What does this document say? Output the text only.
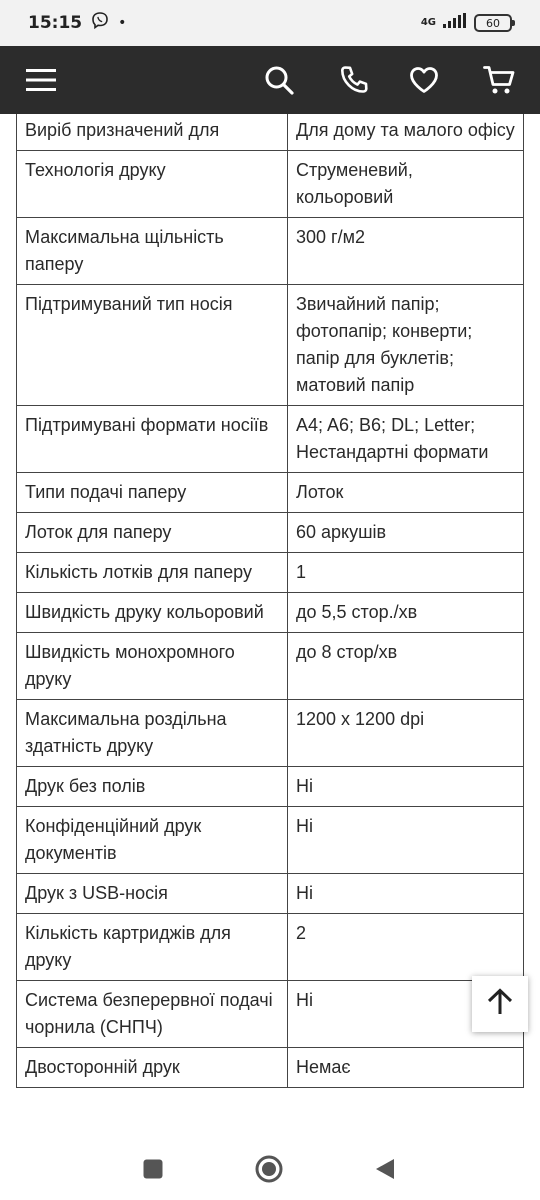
15:15	•	4G	60
Виріб призначений для	Для дому та малого офісу
Технологія друку	Струменевий, кольоровий
Максимальна щільність паперу	300 г/м2
Підтримуваний тип носія	Звичайний папір; фотопапір; конверти; папір для буклетів; матовий папір
Підтримувані формати носіїв	A4; A6; B6; DL; Letter; Нестандартні формати
Типи подачі паперу	Лоток
Лоток для паперу	60 аркушів
Кількість лотків для паперу	1
Швидкість друку кольоровий	до 5,5 стор./хв
Швидкість монохромного друку	до 8 стор/хв
Максимальна роздільна здатність друку	1200 x 1200 dpi
Друк без полів	Ні
Конфіденційний друк документів	Ні
Друк з USB-носія	Ні
Кількість картриджів для друку	2
Система безперервної подачі чорнила (СНПЧ)	Ні
Двосторонній друк	Немає
